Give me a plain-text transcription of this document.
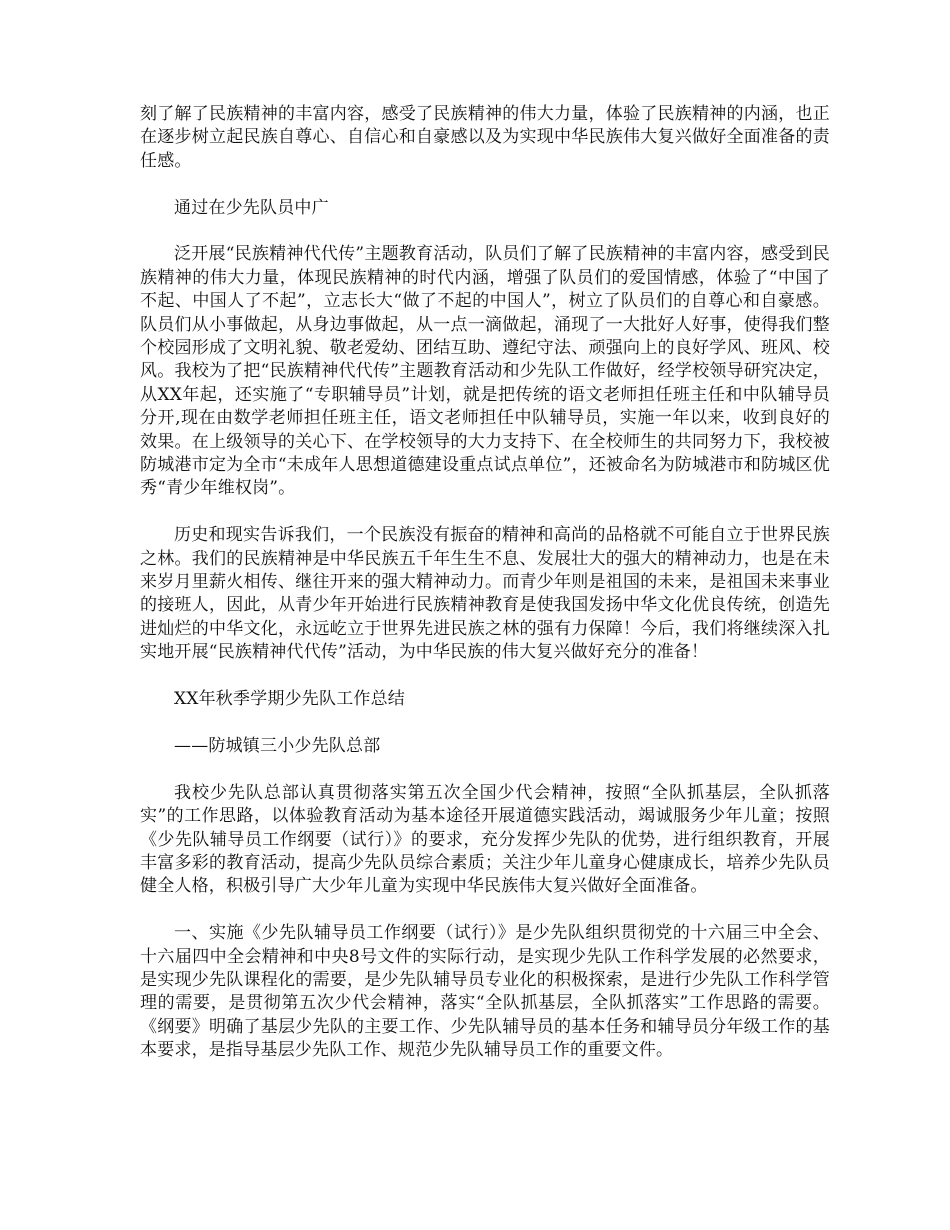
刻了解了民族精神的丰富内容，感受了民族精神的伟大力量，体验了民族精神的内涵，也正在逐步树立起民族自尊心、自信心和自豪感以及为实现中华民族伟大复兴做好全面准备的责任感。

通过在少先队员中广

泛开展“民族精神代代传”主题教育活动，队员们了解了民族精神的丰富内容，感受到民族精神的伟大力量，体现民族精神的时代内涵，增强了队员们的爱国情感，体验了“中国了不起、中国人了不起”，立志长大“做了不起的中国人”，树立了队员们的自尊心和自豪感。队员们从小事做起，从身边事做起，从一点一滴做起，涌现了一大批好人好事，使得我们整个校园形成了文明礼貌、敬老爱幼、团结互助、遵纪守法、顽强向上的良好学风、班风、校风。我校为了把“民族精神代代传”主题教育活动和少先队工作做好，经学校领导研究决定，从XX年起，还实施了“专职辅导员”计划，就是把传统的语文老师担任班主任和中队辅导员分开,现在由数学老师担任班主任，语文老师担任中队辅导员，实施一年以来，收到良好的效果。在上级领导的关心下、在学校领导的大力支持下、在全校师生的共同努力下，我校被防城港市定为全市“未成年人思想道德建设重点试点单位”，还被命名为防城港市和防城区优秀“青少年维权岗”。

历史和现实告诉我们，一个民族没有振奋的精神和高尚的品格就不可能自立于世界民族之林。我们的民族精神是中华民族五千年生生不息、发展壮大的强大的精神动力，也是在未来岁月里薪火相传、继往开来的强大精神动力。而青少年则是祖国的未来，是祖国未来事业的接班人，因此，从青少年开始进行民族精神教育是使我国发扬中华文化优良传统，创造先进灿烂的中华文化，永远屹立于世界先进民族之林的强有力保障！今后，我们将继续深入扎实地开展“民族精神代代传”活动，为中华民族的伟大复兴做好充分的准备！

XX年秋季学期少先队工作总结

——防城镇三小少先队总部

我校少先队总部认真贯彻落实第五次全国少代会精神，按照“全队抓基层，全队抓落实”的工作思路，以体验教育活动为基本途径开展道德实践活动，竭诚服务少年儿童；按照《少先队辅导员工作纲要（试行）》的要求，充分发挥少先队的优势，进行组织教育，开展丰富多彩的教育活动，提高少先队员综合素质；关注少年儿童身心健康成长，培养少先队员健全人格，积极引导广大少年儿童为实现中华民族伟大复兴做好全面准备。

一、实施《少先队辅导员工作纲要（试行）》是少先队组织贯彻党的十六届三中全会、十六届四中全会精神和中央8号文件的实际行动，是实现少先队工作科学发展的必然要求，是实现少先队课程化的需要，是少先队辅导员专业化的积极探索，是进行少先队工作科学管理的需要，是贯彻第五次少代会精神，落实“全队抓基层，全队抓落实”工作思路的需要。《纲要》明确了基层少先队的主要工作、少先队辅导员的基本任务和辅导员分年级工作的基本要求，是指导基层少先队工作、规范少先队辅导员工作的重要文件。
